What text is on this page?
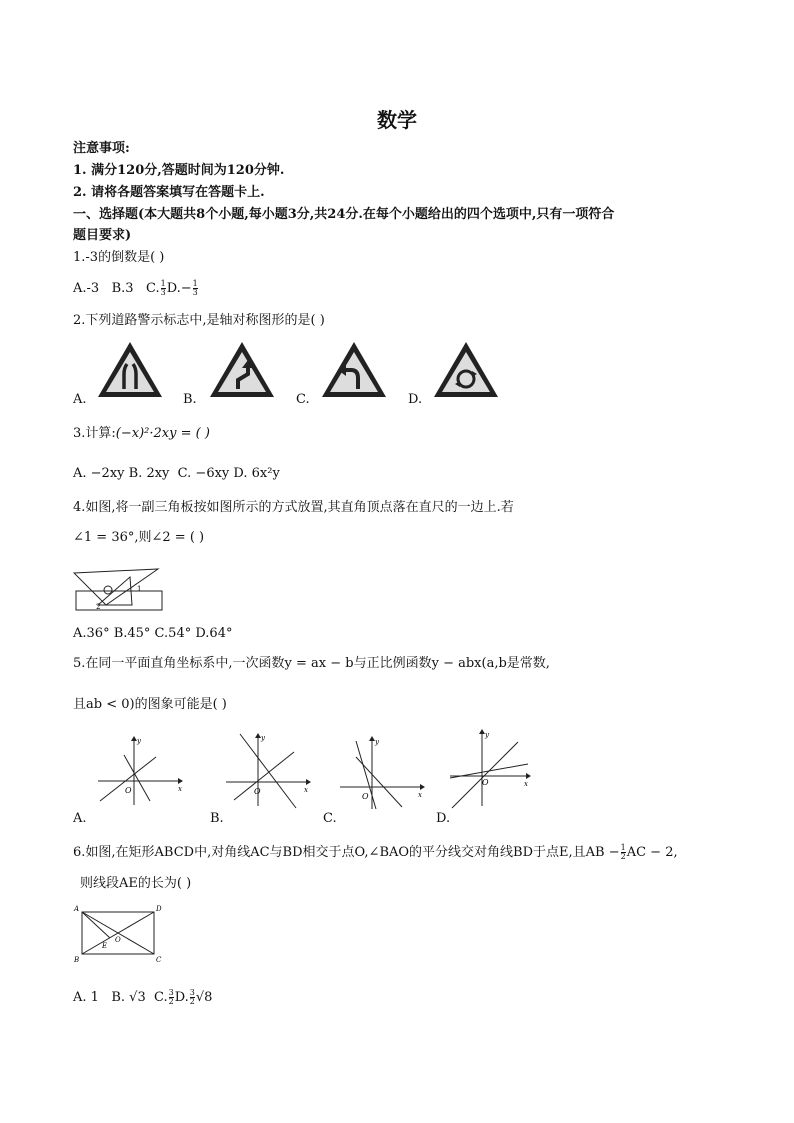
数学
注意事项:
1. 满分120分,答题时间为120分钟.
2. 请将各题答案填写在答题卡上.
一、选择题(本大题共8个小题,每小题3分,共24分.在每个小题给出的四个选项中,只有一项符合
题目要求)
1.-3的倒数是( )
A.-3 B.3 C. $\frac{1}{3} D.- \frac{1}{3}$
2.下列道路警示标志中,是轴对称图形的是( )
A.	B.	C.	D.
3.计算:(−x)²·2xy = ( )
A. −2xy B. 2xy C. −6xy D. 6x²y
4.如图,将一副三角板按如图所示的方式放置,其直角顶点落在直尺的一边上.若
∠1 = 36°,则∠2 = ( )
1
2
A.36° B.45° C.54° D.64°
5.在同一平面直角坐标系中,一次函数y = ax − b与正比例函数y − abx(a,b是常数,
且ab < 0)的图象可能是( )
y
x
O
y
x
O
y
x
O
y
x
O
A.	B.	C.	D.
6.如图,在矩形ABCD中,对角线AC与BD相交于点O,∠BAO的平分线交对角线BD于点E,且AB − $\frac{1}{2}$ AC − 2,
则线段AE的长为( )
A	D
B	C
E
O
A. 1 B. √3 C. $\frac{3}{2} D$. $\frac{3}{2} √8$
